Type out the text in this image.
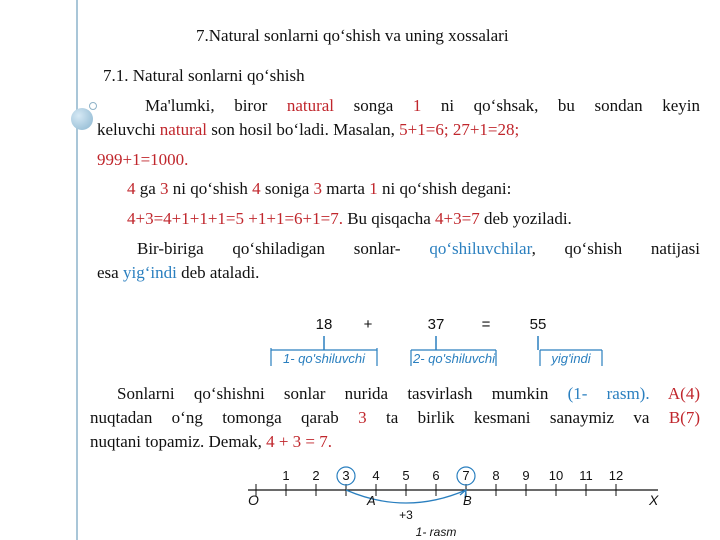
7.Natural sonlarni qo‘shish va uning xossalari
7.1. Natural sonlarni qo‘shish
Ma'lumki, biror natural songa 1 ni qo‘shsak, bu sondan keyin
keluvchi natural son hosil bo‘ladi. Masalan, 5+1=6; 27+1=28;
999+1=1000.
4 ga 3 ni qo‘shish 4 soniga 3 marta 1 ni qo‘shish degani:
4+3=4+1+1+1=5 +1+1=6+1=7. Bu qisqacha 4+3=7 deb yoziladi.
Bir-biriga qo‘shiladigan sonlar- qo‘shiluvchilar, qo‘shish natijasi
esa yig‘indi deb ataladi.
18 +	37 =	55
1- qo'shiluvchi	2- qo'shiluvchi	yig'indi
Sonlarni qo‘shishni sonlar nurida tasvirlash mumkin (1- rasm). A(4)
nuqtadan o‘ng tomonga qarab 3 ta birlik kesmani sanaymiz va B(7)
nuqtani topamiz. Demak, 4 + 3 = 7.
1 2 3 4 5 6 7 8 9 10 11 12
O	X
A	B
+3
1- rasm
